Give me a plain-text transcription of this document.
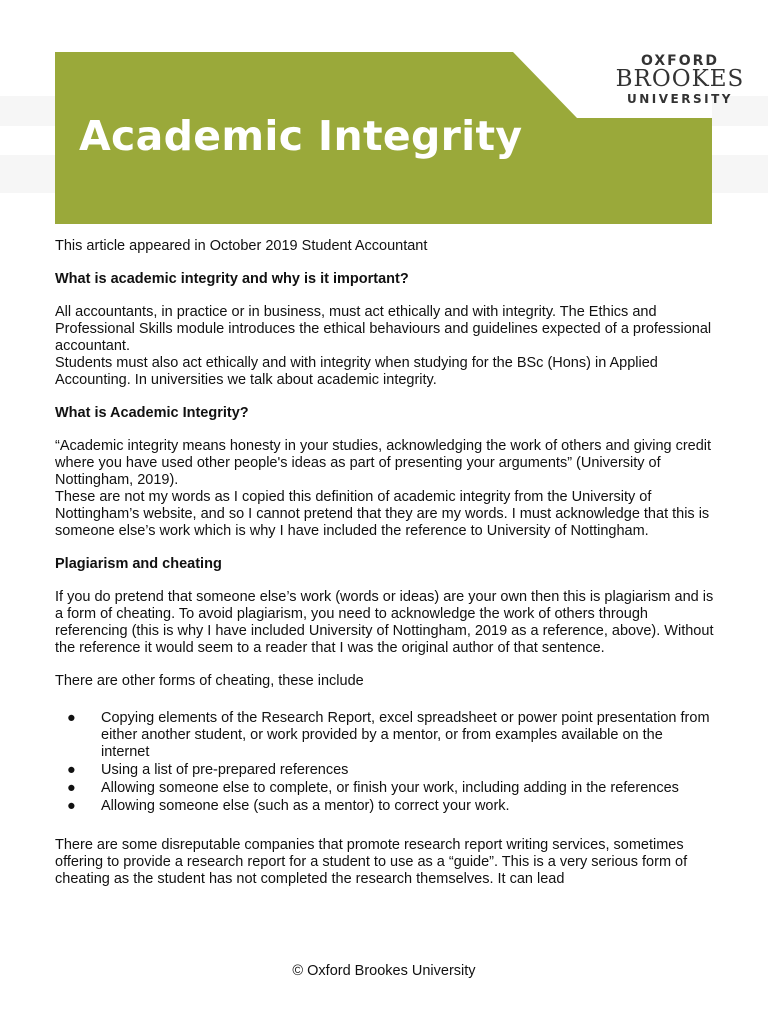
OXFORD
BROOKES
UNIVERSITY
Academic Integrity

This article appeared in October 2019 Student Accountant

What is academic integrity and why is it important?

All accountants, in practice or in business, must act ethically and with integrity. The Ethics and Professional Skills module introduces the ethical behaviours and guidelines expected of a professional accountant.

Students must also act ethically and with integrity when studying for the BSc (Hons) in Applied Accounting. In universities we talk about academic integrity.

What is Academic Integrity?

“Academic integrity means honesty in your studies, acknowledging the work of others and giving credit where you have used other people's ideas as part of presenting your arguments” (University of Nottingham, 2019).

These are not my words as I copied this definition of academic integrity from the University of Nottingham’s website, and so I cannot pretend that they are my words. I must acknowledge that this is someone else’s work which is why I have included the reference to University of Nottingham.

Plagiarism and cheating

If you do pretend that someone else’s work (words or ideas) are your own then this is plagiarism and is a form of cheating. To avoid plagiarism, you need to acknowledge the work of others through referencing (this is why I have included University of Nottingham, 2019 as a reference, above). Without the reference it would seem to a reader that I was the original author of that sentence.

There are other forms of cheating, these include

● Copying elements of the Research Report, excel spreadsheet or power point presentation from either another student, or work provided by a mentor, or from examples available on the internet
● Using a list of pre-prepared references
● Allowing someone else to complete, or finish your work, including adding in the references
● Allowing someone else (such as a mentor) to correct your work.

There are some disreputable companies that promote research report writing services, sometimes offering to provide a research report for a student to use as a “guide”. This is a very serious form of cheating as the student has not completed the research themselves. It can lead

© Oxford Brookes University
